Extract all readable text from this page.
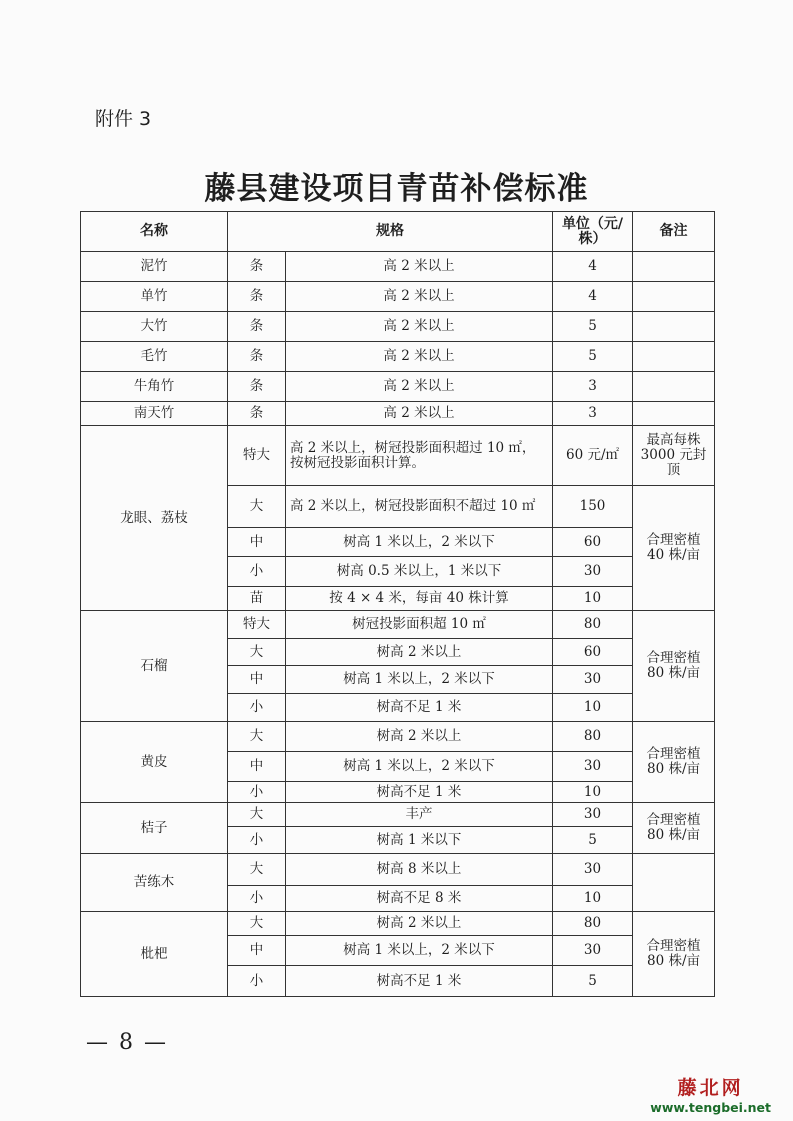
附件 3
藤县建设项目青苗补偿标准
名称	规格		单位（元/株）	备注
泥竹	条	高 2 米以上	4	
单竹	条	高 2 米以上	4	
大竹	条	高 2 米以上	5	
毛竹	条	高 2 米以上	5	
牛角竹	条	高 2 米以上	3	
南天竹	条	高 2 米以上	3	
龙眼、荔枝	特大	高 2 米以上，树冠投影面积超过 10 ㎡，按树冠投影面积计算。	60 元/㎡	最高每株 3000 元封顶
	大	高 2 米以上，树冠投影面积不超过 10 ㎡	150	合理密植 40 株/亩
	中	树高 1 米以上，2 米以下	60	
	小	树高 0.5 米以上，1 米以下	30	
	苗	按 4 × 4 米，每亩 40 株计算	10	
石榴	特大	树冠投影面积超 10 ㎡	80	合理密植 80 株/亩
	大	树高 2 米以上	60	
	中	树高 1 米以上，2 米以下	30	
	小	树高不足 1 米	10	
黄皮	大	树高 2 米以上	80	合理密植 80 株/亩
	中	树高 1 米以上，2 米以下	30	
	小	树高不足 1 米	10	
桔子	大	丰产	30	合理密植 80 株/亩
	小	树高 1 米以下	5	
苦练木	大	树高 8 米以上	30	
	小	树高不足 8 米	10	
枇杷	大	树高 2 米以上	80	合理密植 80 株/亩
	中	树高 1 米以上，2 米以下	30	
	小	树高不足 1 米	5	
— 8 —
藤北网
www.tengbei.net
